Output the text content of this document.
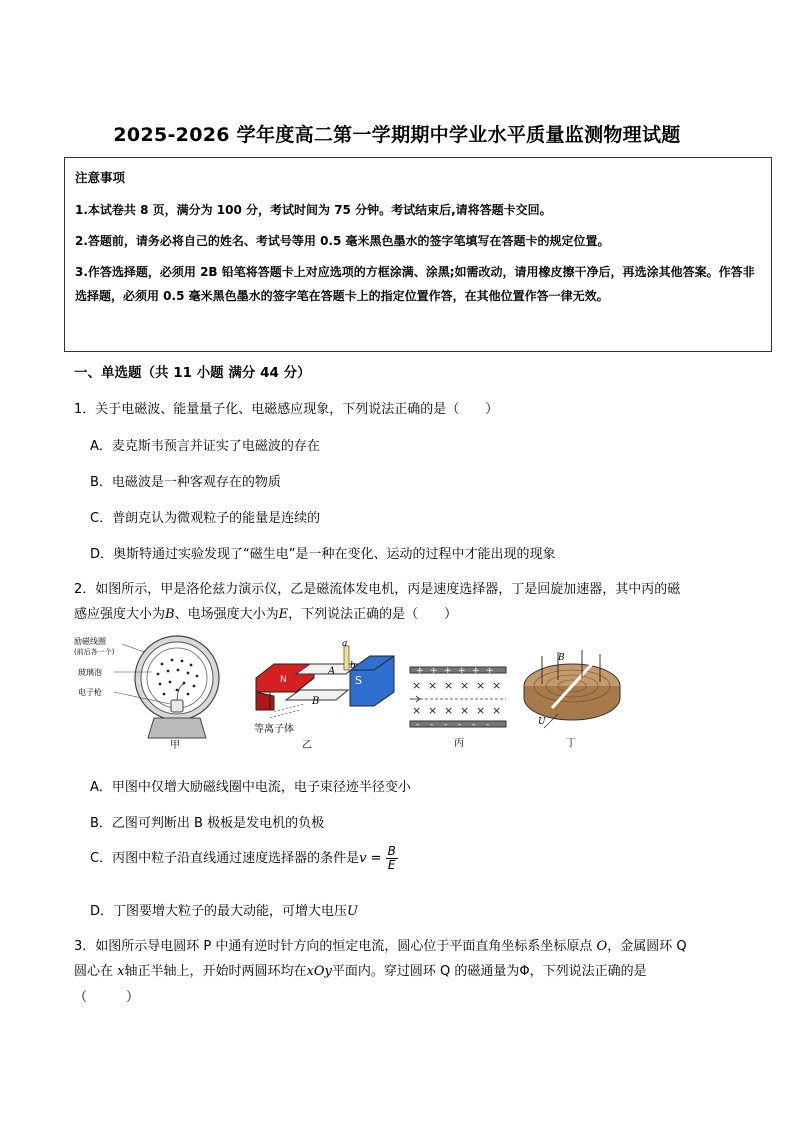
2025-2026 学年度高二第一学期期中学业水平质量监测物理试题
注意事项

1.本试卷共 8 页，满分为 100 分，考试时间为 75 分钟。考试结束后,请将答题卡交回。

2.答题前，请务必将自己的姓名、考试号等用 0.5 毫米黑色墨水的签字笔填写在答题卡的规定位置。

3.作答选择题，必须用 2B 铅笔将答题卡上对应选项的方框涂满、涂黑;如需改动，请用橡皮擦干净后，再选涂其他答案。作答非选择题，必须用 0.5 毫米黑色墨水的签字笔在答题卡上的指定位置作答，在其他位置作答一律无效。

一、单选题（共 11 小题 满分 44 分）
1．关于电磁波、能量量子化、电磁感应现象，下列说法正确的是（　　）
A．麦克斯韦预言并证实了电磁波的存在
B．电磁波是一种客观存在的物质
C．普朗克认为微观粒子的能量是连续的
D．奥斯特通过实验发现了“磁生电”是一种在变化、运动的过程中才能出现的现象
2．如图所示，甲是洛伦兹力演示仪，乙是磁流体发电机，丙是速度选择器，丁是回旋加速器，其中丙的磁
感应强度大小为B、电场强度大小为E，下列说法正确的是（　　）
励磁线圈
(前后各一个)
玻璃泡
电子枪
甲
a
b
A
B
N	S
等离子体
乙
+ + + + + +
- - - - - -
× × × × × ×
× × × × × ×
丙
B
U
丁
A．甲图中仅增大励磁线圈中电流，电子束径迹半径变小
B．乙图可判断出 B 极板是发电机的负极
C．丙图中粒子沿直线通过速度选择器的条件是$v = \frac{B}{E}$
D．丁图要增大粒子的最大动能，可增大电压U
3．如图所示导电圆环 P 中通有逆时针方向的恒定电流，圆心位于平面直角坐标系坐标原点 O，金属圆环 Q
圆心在 x轴正半轴上，开始时两圆环均在xOy平面内。穿过圆环 Q 的磁通量为Φ，下列说法正确的是
（　　　）
